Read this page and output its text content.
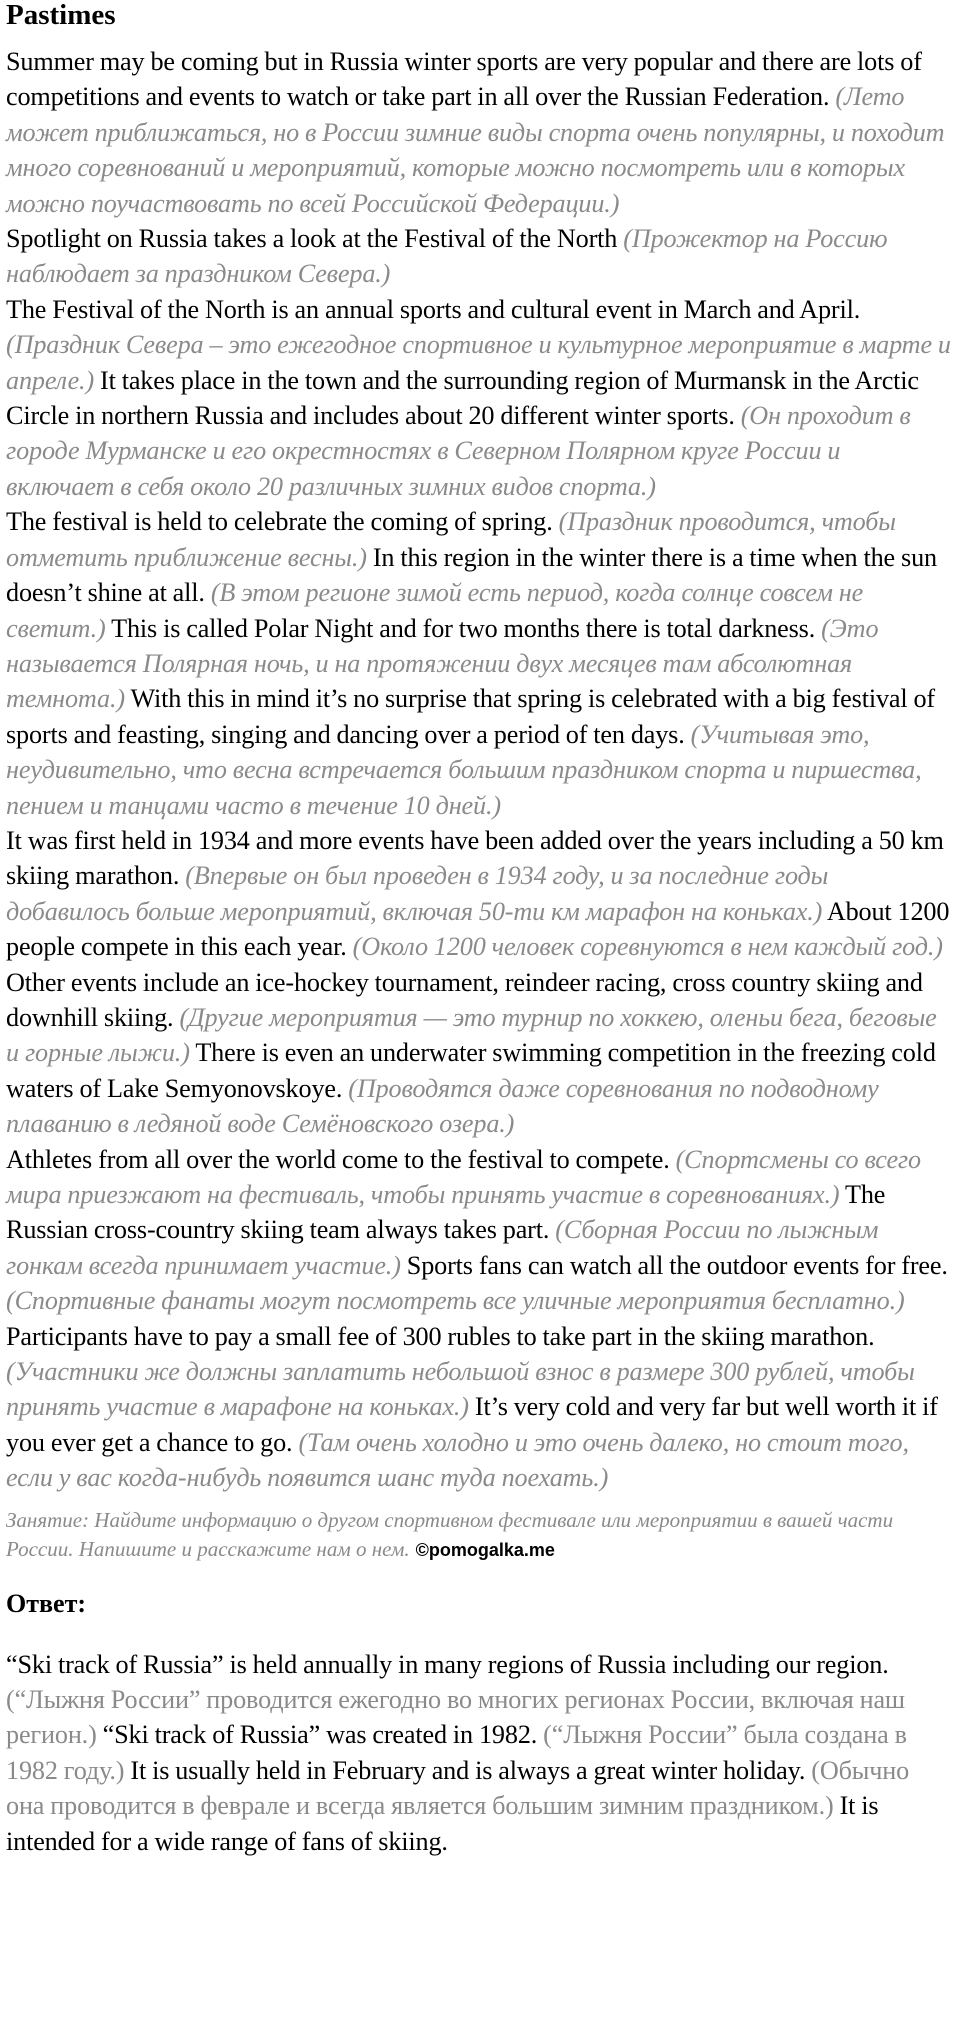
Pastimes

Summer may be coming but in Russia winter sports are very popular and there are lots of competitions and events to watch or take part in all over the Russian Federation. (Лето может приближаться, но в России зимние виды спорта очень популярны, и походит много соревнований и мероприятий, которые можно посмотреть или в которых можно поучаствовать по всей Российской Федерации.)

Spotlight on Russia takes a look at the Festival of the North (Прожектор на Россию наблюдает за праздником Севера.)

The Festival of the North is an annual sports and cultural event in March and April. (Праздник Севера – это ежегодное спортивное и культурное мероприятие в марте и апреле.) It takes place in the town and the surrounding region of Murmansk in the Arctic Circle in northern Russia and includes about 20 different winter sports. (Он проходит в городе Мурманске и его окрестностях в Северном Полярном круге России и включает в себя около 20 различных зимних видов спорта.)

The festival is held to celebrate the coming of spring. (Праздник проводится, чтобы отметить приближение весны.) In this region in the winter there is a time when the sun doesn’t shine at all. (В этом регионе зимой есть период, когда солнце совсем не светит.) This is called Polar Night and for two months there is total darkness. (Это называется Полярная ночь, и на протяжении двух месяцев там абсолютная темнота.) With this in mind it’s no surprise that spring is celebrated with a big festival of sports and feasting, singing and dancing over a period of ten days. (Учитывая это, неудивительно, что весна встречается большим праздником спорта и пиршества, пением и танцами часто в течение 10 дней.)

It was first held in 1934 and more events have been added over the years including a 50 km skiing marathon. (Впервые он был проведен в 1934 году, и за последние годы добавилось больше мероприятий, включая 50-ти км марафон на коньках.) About 1200 people compete in this each year. (Около 1200 человек соревнуются в нем каждый год.) Other events include an ice-hockey tournament, reindeer racing, cross country skiing and downhill skiing. (Другие мероприятия — это турнир по хоккею, оленьи бега, беговые и горные лыжи.) There is even an underwater swimming competition in the freezing cold waters of Lake Semyonovskoye. (Проводятся даже соревнования по подводному плаванию в ледяной воде Семёновского озера.)

Athletes from all over the world come to the festival to compete. (Спортсмены со всего мира приезжают на фестиваль, чтобы принять участие в соревнованиях.) The Russian cross-country skiing team always takes part. (Сборная России по лыжным гонкам всегда принимает участие.) Sports fans can watch all the outdoor events for free. (Спортивные фанаты могут посмотреть все уличные мероприятия бесплатно.) Participants have to pay a small fee of 300 rubles to take part in the skiing marathon. (Участники же должны заплатить небольшой взнос в размере 300 рублей, чтобы принять участие в марафоне на коньках.) It’s very cold and very far but well worth it if you ever get a chance to go. (Там очень холодно и это очень далеко, но стоит того, если у вас когда-нибудь появится шанс туда поехать.)

Занятие: Найдите информацию о другом спортивном фестивале или мероприятии в вашей части России. Напишите и расскажите нам о нем. ©pomogalka.me

Ответ:

“Ski track of Russia” is held annually in many regions of Russia including our region. (“Лыжня России” проводится ежегодно во многих регионах России, включая наш регион.) “Ski track of Russia” was created in 1982. (“Лыжня России” была создана в 1982 году.) It is usually held in February and is always a great winter holiday. (Обычно она проводится в феврале и всегда является большим зимним праздником.) It is intended for a wide range of fans of skiing.
